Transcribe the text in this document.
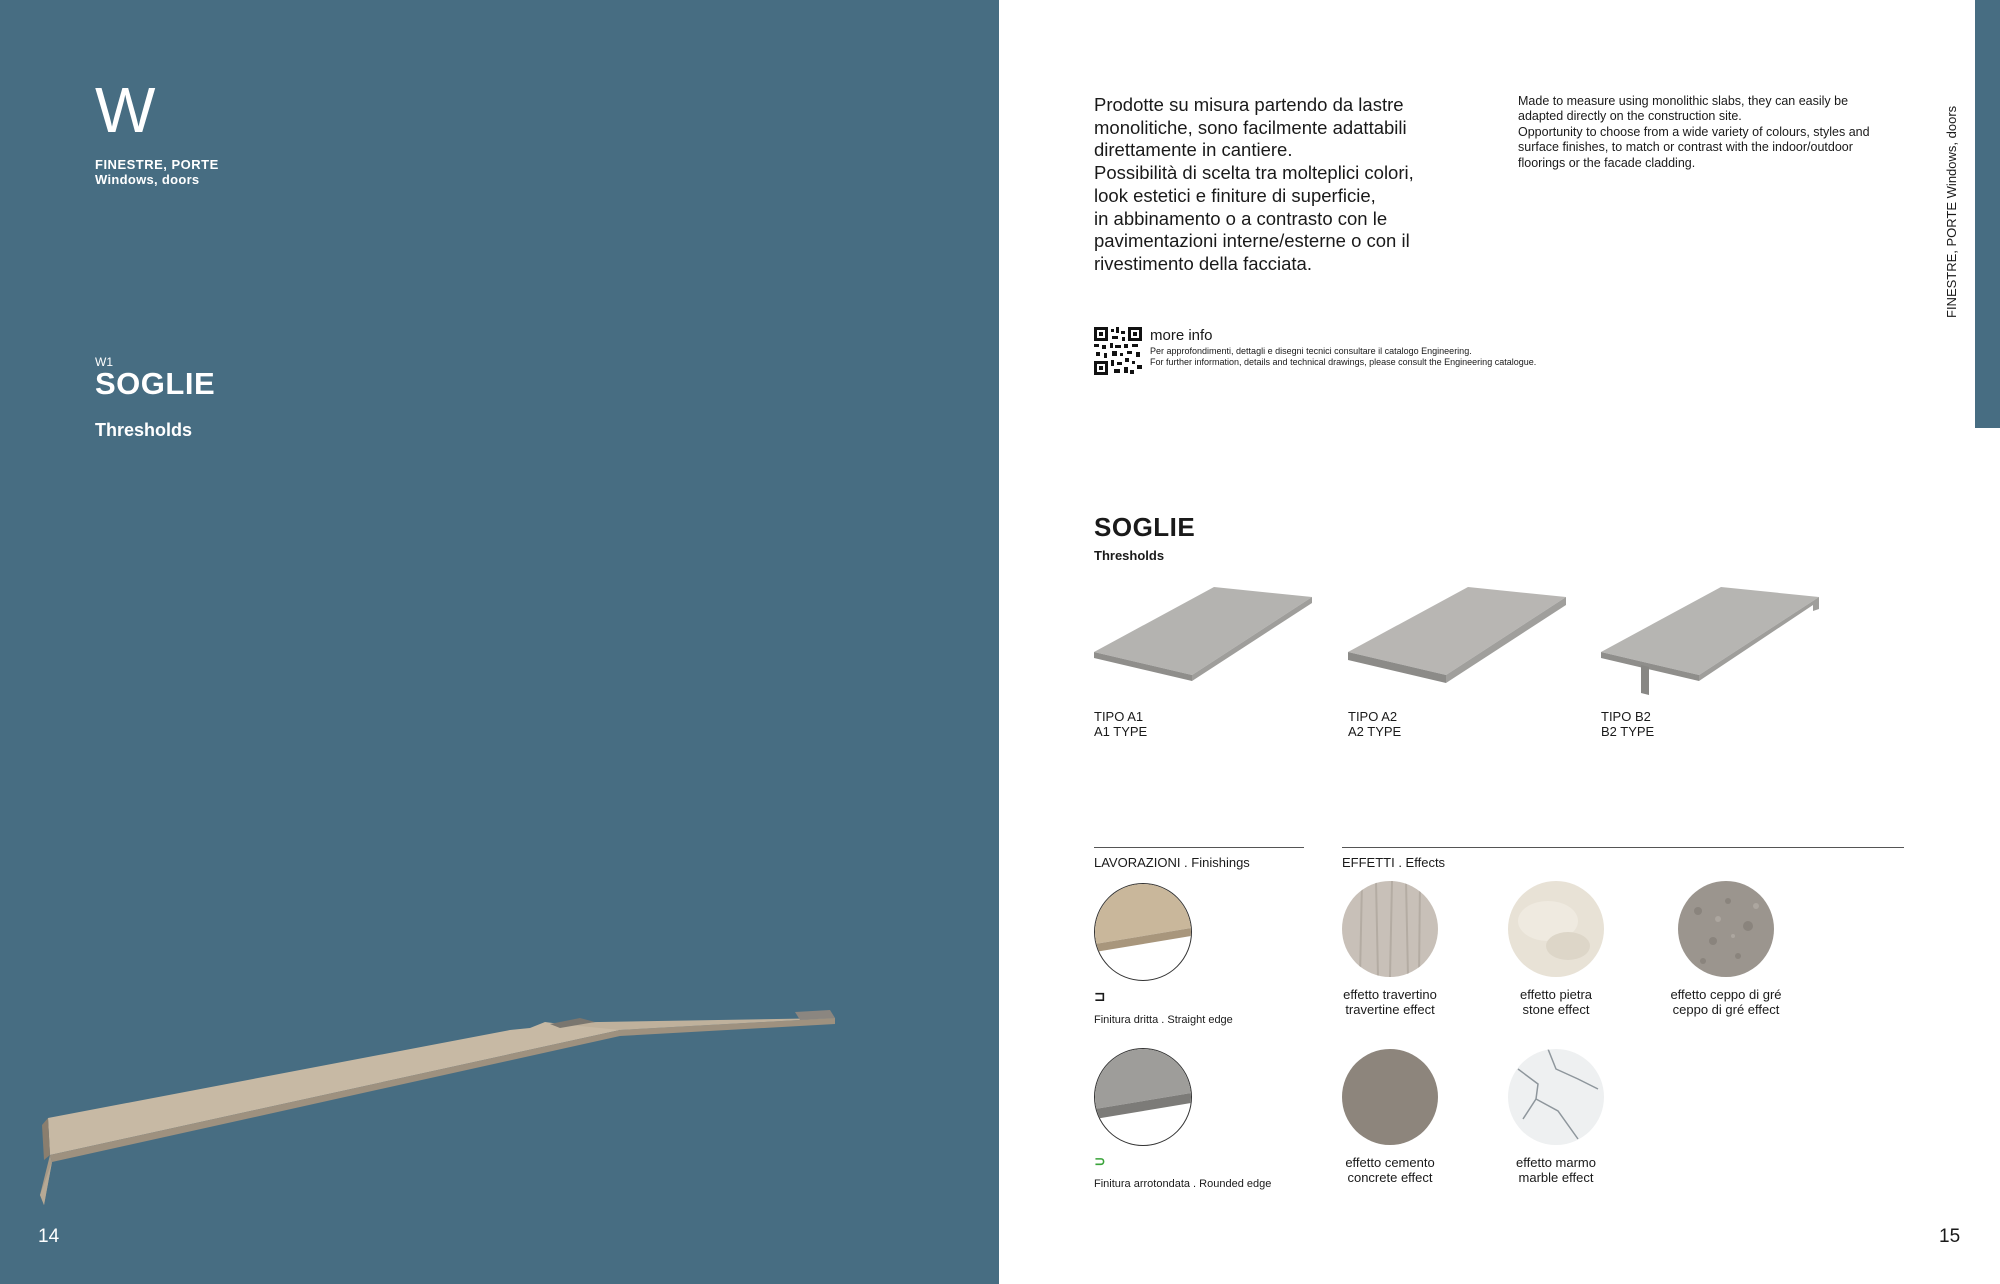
W
FINESTRE, PORTE
Windows, doors
W1
SOGLIE
Thresholds
14
FINESTRE, PORTE Windows, doors
Prodotte su misura partendo da lastre
monolitiche, sono facilmente adattabili
direttamente in cantiere.
Possibilità di scelta tra molteplici colori,
look estetici e finiture di superficie,
in abbinamento o a contrasto con le
pavimentazioni interne/esterne o con il
rivestimento della facciata.
Made to measure using monolithic slabs, they can easily be
adapted directly on the construction site.
Opportunity to choose from a wide variety of colours, styles and
surface finishes, to match or contrast with the indoor/outdoor
floorings or the facade cladding.
more info
Per approfondimenti, dettagli e disegni tecnici consultare il catalogo Engineering.
For further information, details and technical drawings, please consult the Engineering catalogue.
SOGLIE
Thresholds
TIPO A1
A1 TYPE
TIPO A2
A2 TYPE
TIPO B2
B2 TYPE
LAVORAZIONI . Finishings	EFFETTI . Effects
⊐
Finitura dritta . Straight edge
⊃
Finitura arrotondata . Rounded edge
effetto travertino
travertine effect
effetto pietra
stone effect
effetto ceppo di gré
ceppo di gré effect
effetto cemento
concrete effect
effetto marmo
marble effect
15
